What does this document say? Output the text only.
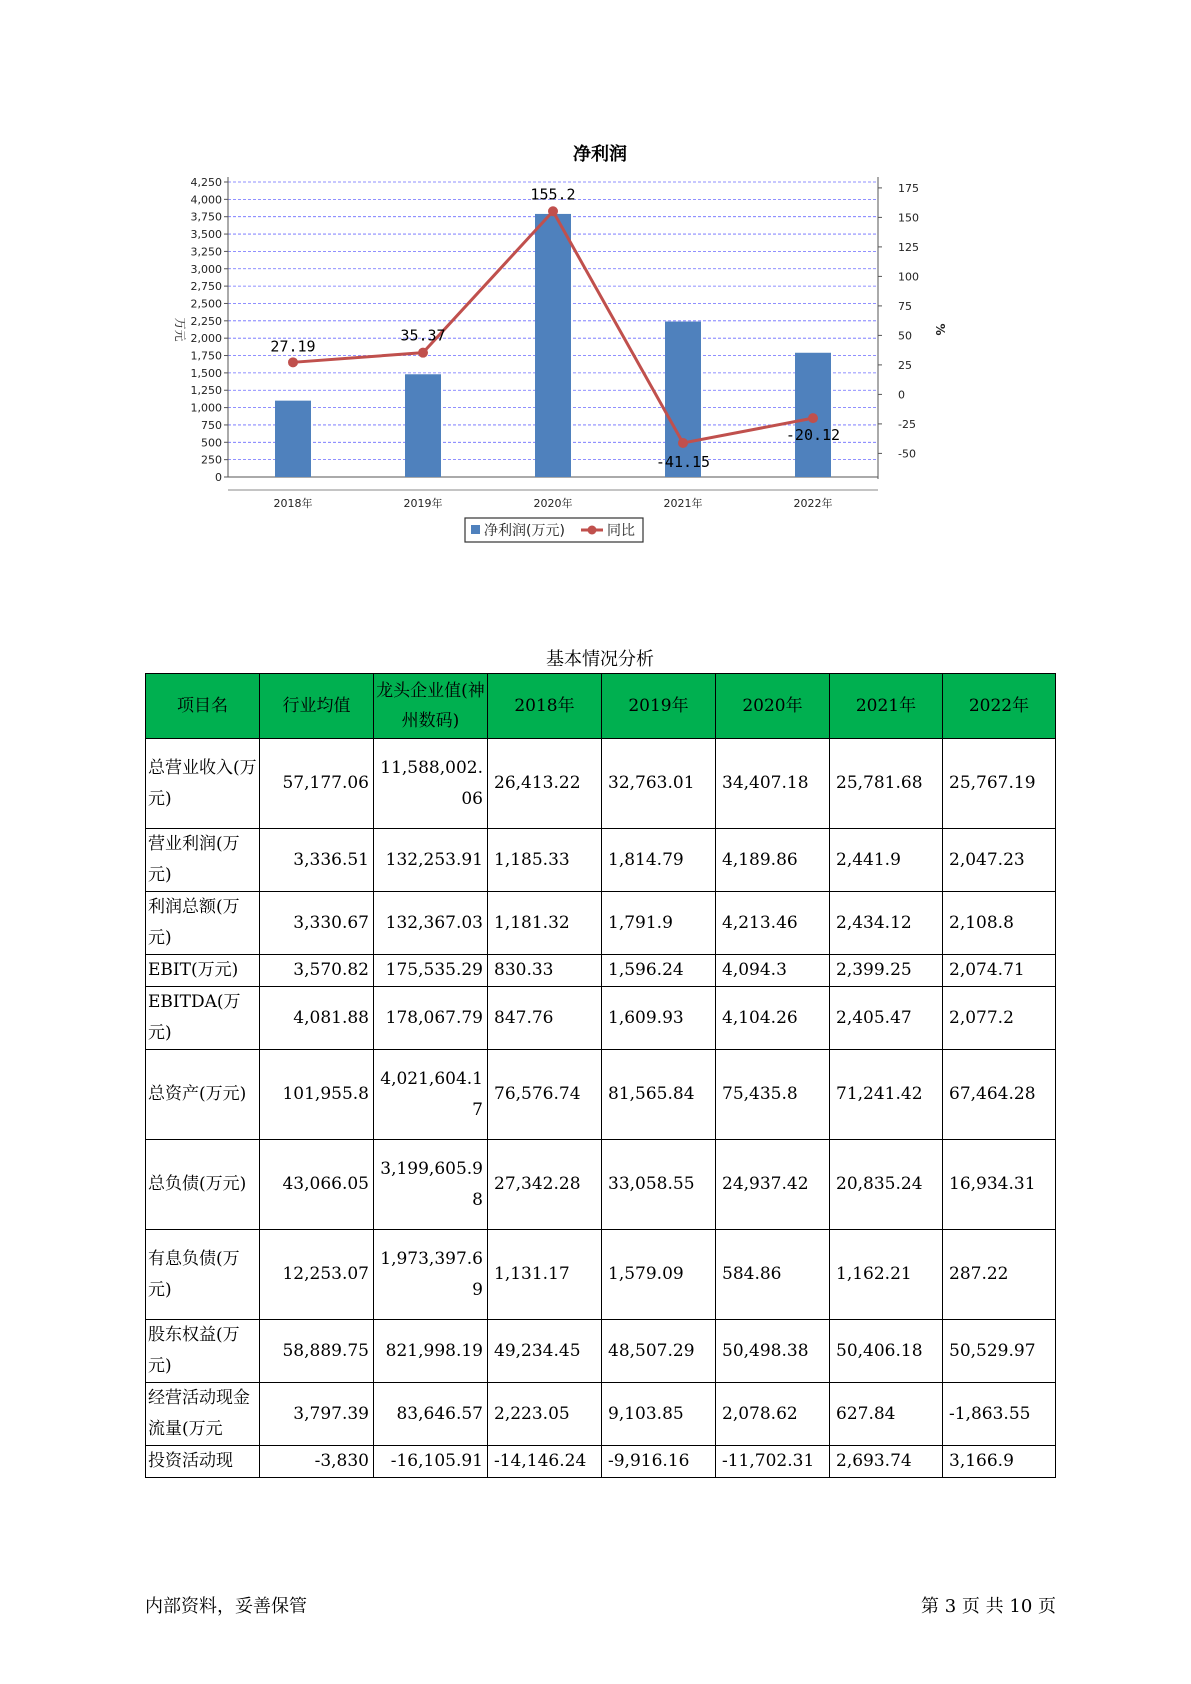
净利润
0
250
500
750
1,000
1,250
1,500
1,750
2,000
2,250
2,500
2,750
3,000
3,250
3,500
3,750
4,000
4,250
-50
-25
0
25
50
75
100
125
150
175
万元	%
2018年	2019年	2020年	2021年	2022年
27.19
35.37
155.2
-41.15
-20.12
净利润(万元)	同比
基本情况分析
项目名	行业均值	龙头企业值(神州数码)	2018年	2019年	2020年	2021年	2022年
总营业收入(万元)	57,177.06	11,588,002.06	26,413.22	32,763.01	34,407.18	25,781.68	25,767.19
营业利润(万元)	3,336.51	132,253.91	1,185.33	1,814.79	4,189.86	2,441.9	2,047.23
利润总额(万元)	3,330.67	132,367.03	1,181.32	1,791.9	4,213.46	2,434.12	2,108.8
EBIT(万元)	3,570.82	175,535.29	830.33	1,596.24	4,094.3	2,399.25	2,074.71
EBITDA(万元)	4,081.88	178,067.79	847.76	1,609.93	4,104.26	2,405.47	2,077.2
总资产(万元)	101,955.8	4,021,604.17	76,576.74	81,565.84	75,435.8	71,241.42	67,464.28
总负债(万元)	43,066.05	3,199,605.98	27,342.28	33,058.55	24,937.42	20,835.24	16,934.31
有息负债(万元)	12,253.07	1,973,397.69	1,131.17	1,579.09	584.86	1,162.21	287.22
股东权益(万元)	58,889.75	821,998.19	49,234.45	48,507.29	50,498.38	50,406.18	50,529.97
经营活动现金流量(万元	3,797.39	83,646.57	2,223.05	9,103.85	2,078.62	627.84	-1,863.55
投资活动现	-3,830	-16,105.91	-14,146.24	-9,916.16	-11,702.31	2,693.74	3,166.9
内部资料，妥善保管	第 3 页 共 10 页
